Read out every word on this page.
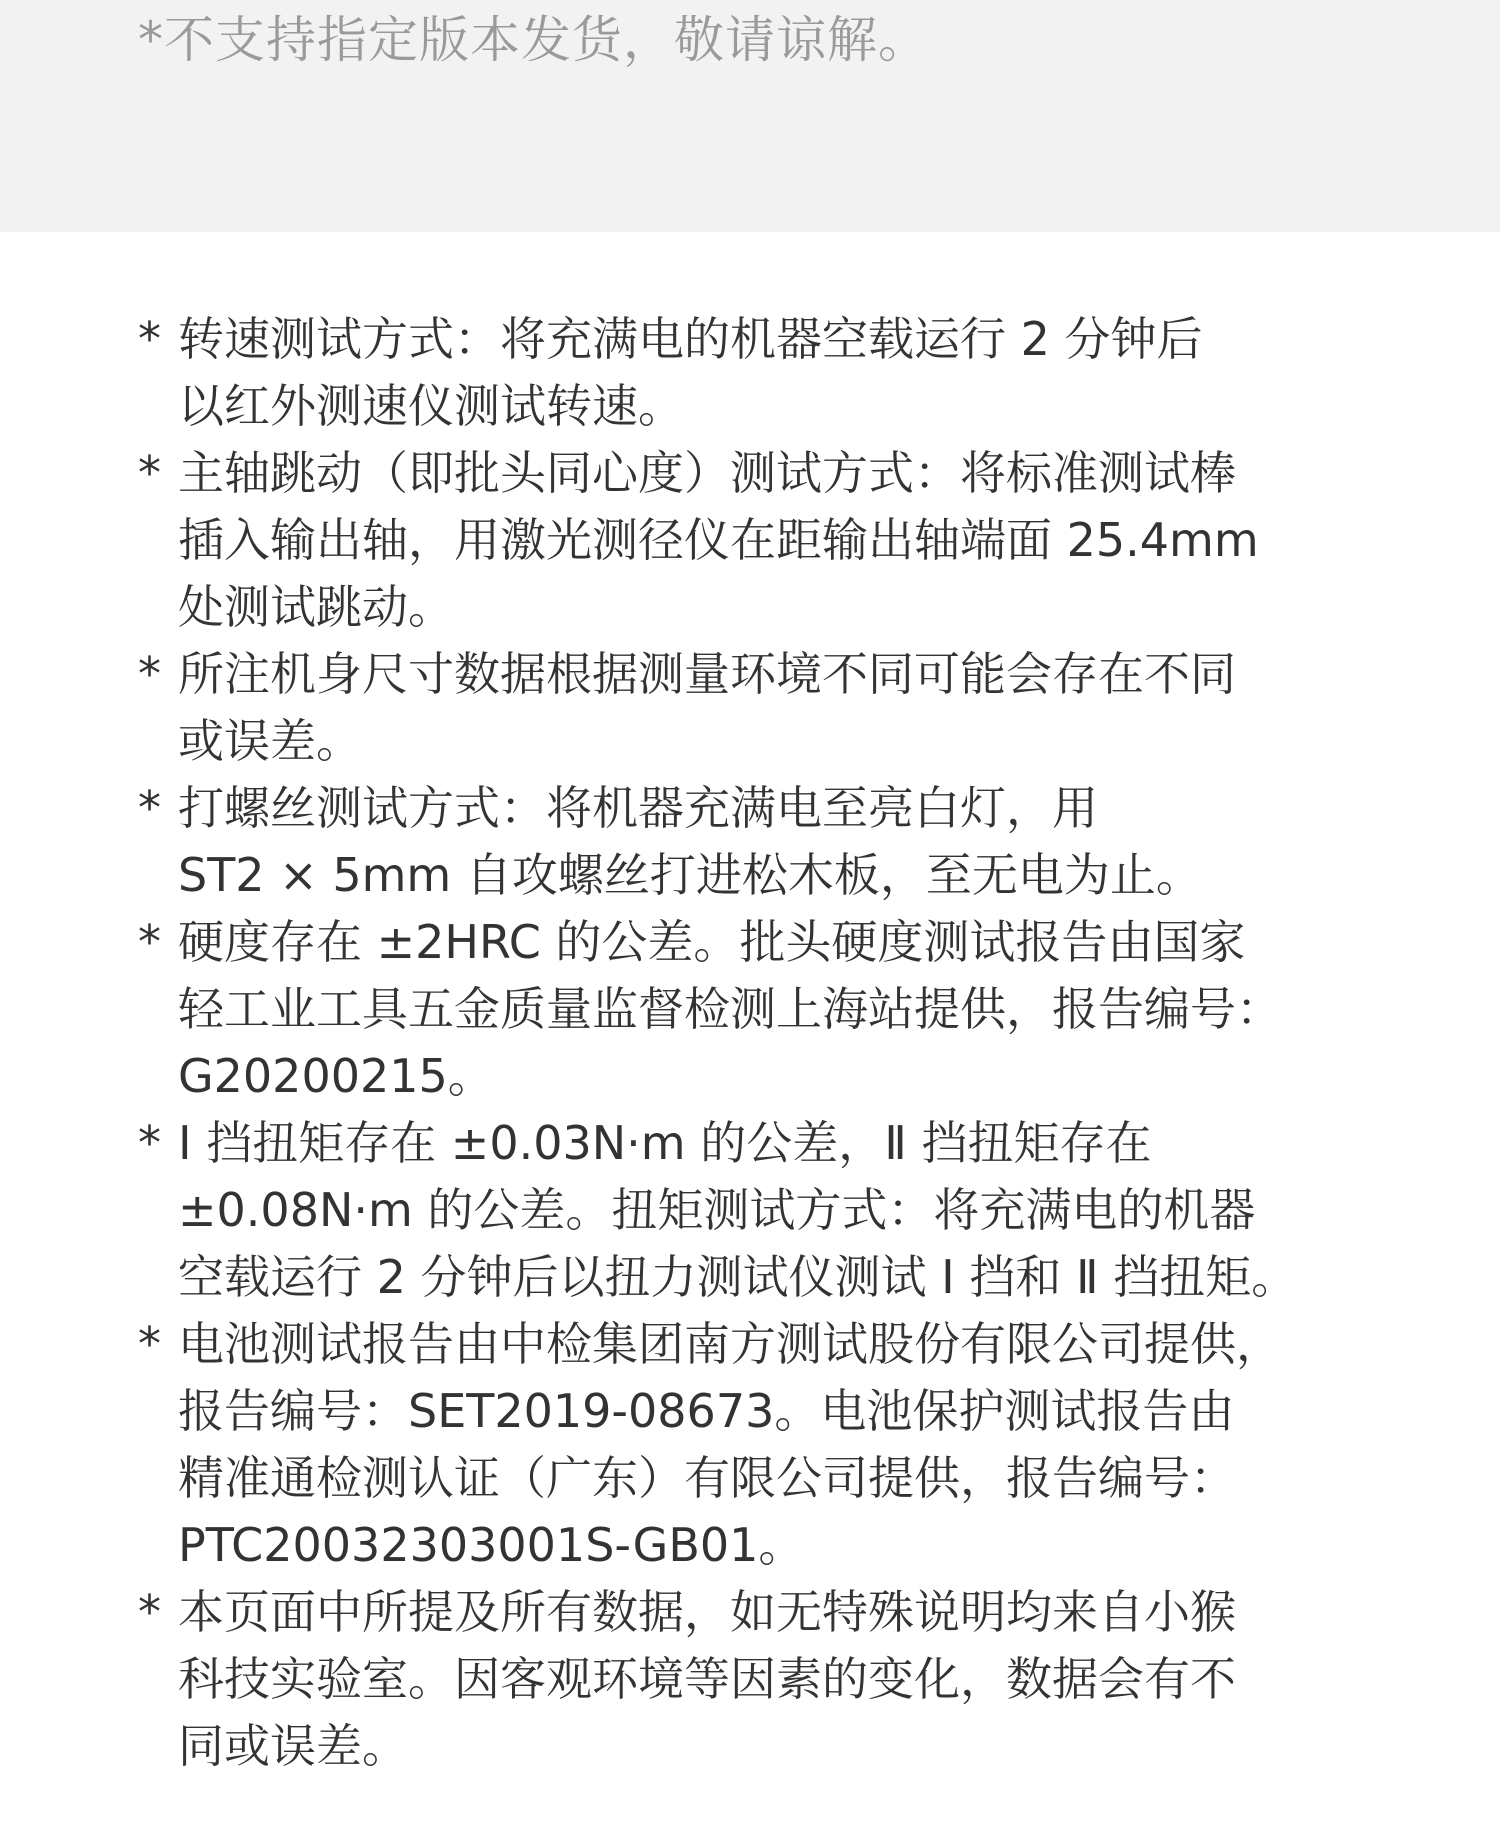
*不支持指定版本发货，敬请谅解。
* 转速测试方式：将充满电的机器空载运行 2 分钟后
以红外测速仪测试转速。
* 主轴跳动（即批头同心度）测试方式：将标准测试棒
插入输出轴，用激光测径仪在距输出轴端面 25.4mm
处测试跳动。
* 所注机身尺寸数据根据测量环境不同可能会存在不同
或误差。
* 打螺丝测试方式：将机器充满电至亮白灯，用
ST2 × 5mm 自攻螺丝打进松木板，至无电为止。
* 硬度存在 ±2HRC 的公差。批头硬度测试报告由国家
轻工业工具五金质量监督检测上海站提供，报告编号：
G20200215。
* Ⅰ 挡扭矩存在 ±0.03N·m 的公差，Ⅱ 挡扭矩存在
±0.08N·m 的公差。扭矩测试方式：将充满电的机器
空载运行 2 分钟后以扭力测试仪测试 Ⅰ 挡和 Ⅱ 挡扭矩。
* 电池测试报告由中检集团南方测试股份有限公司提供，
报告编号：SET2019-08673。电池保护测试报告由
精准通检测认证（广东）有限公司提供，报告编号：
PTC20032303001S-GB01。
* 本页面中所提及所有数据，如无特殊说明均来自小猴
科技实验室。因客观环境等因素的变化，数据会有不
同或误差。
